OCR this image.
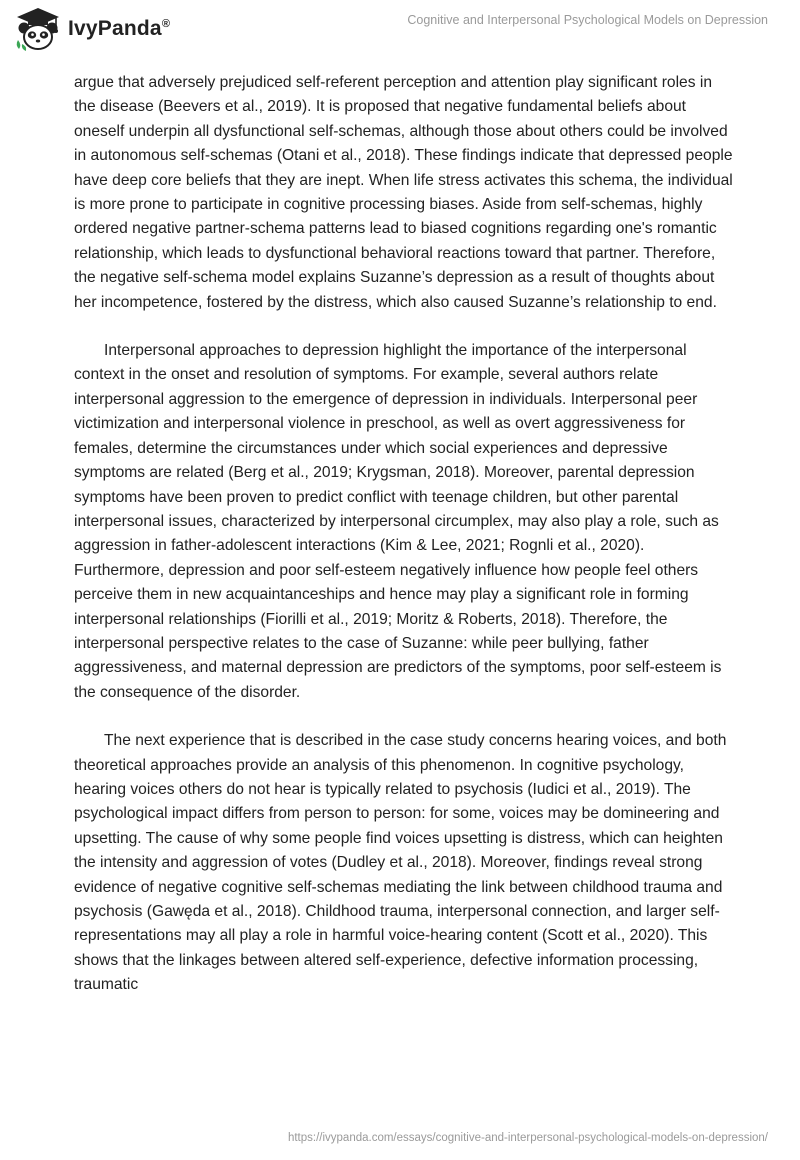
IvyPanda®	Cognitive and Interpersonal Psychological Models on Depression

argue that adversely prejudiced self-referent perception and attention play significant roles in the disease (Beevers et al., 2019). It is proposed that negative fundamental beliefs about oneself underpin all dysfunctional self-schemas, although those about others could be involved in autonomous self-schemas (Otani et al., 2018). These findings indicate that depressed people have deep core beliefs that they are inept. When life stress activates this schema, the individual is more prone to participate in cognitive processing biases. Aside from self-schemas, highly ordered negative partner-schema patterns lead to biased cognitions regarding one's romantic relationship, which leads to dysfunctional behavioral reactions toward that partner. Therefore, the negative self-schema model explains Suzanne’s depression as a result of thoughts about her incompetence, fostered by the distress, which also caused Suzanne’s relationship to end.

Interpersonal approaches to depression highlight the importance of the interpersonal context in the onset and resolution of symptoms. For example, several authors relate interpersonal aggression to the emergence of depression in individuals. Interpersonal peer victimization and interpersonal violence in preschool, as well as overt aggressiveness for females, determine the circumstances under which social experiences and depressive symptoms are related (Berg et al., 2019; Krygsman, 2018). Moreover, parental depression symptoms have been proven to predict conflict with teenage children, but other parental interpersonal issues, characterized by interpersonal circumplex, may also play a role, such as aggression in father-adolescent interactions (Kim & Lee, 2021; Rognli et al., 2020). Furthermore, depression and poor self-esteem negatively influence how people feel others perceive them in new acquaintanceships and hence may play a significant role in forming interpersonal relationships (Fiorilli et al., 2019; Moritz & Roberts, 2018). Therefore, the interpersonal perspective relates to the case of Suzanne: while peer bullying, father aggressiveness, and maternal depression are predictors of the symptoms, poor self-esteem is the consequence of the disorder.

The next experience that is described in the case study concerns hearing voices, and both theoretical approaches provide an analysis of this phenomenon. In cognitive psychology, hearing voices others do not hear is typically related to psychosis (Iudici et al., 2019). The psychological impact differs from person to person: for some, voices may be domineering and upsetting. The cause of why some people find voices upsetting is distress, which can heighten the intensity and aggression of votes (Dudley et al., 2018). Moreover, findings reveal strong evidence of negative cognitive self-schemas mediating the link between childhood trauma and psychosis (Gawęda et al., 2018). Childhood trauma, interpersonal connection, and larger self-representations may all play a role in harmful voice-hearing content (Scott et al., 2020). This shows that the linkages between altered self-experience, defective information processing, traumatic

https://ivypanda.com/essays/cognitive-and-interpersonal-psychological-models-on-depression/
